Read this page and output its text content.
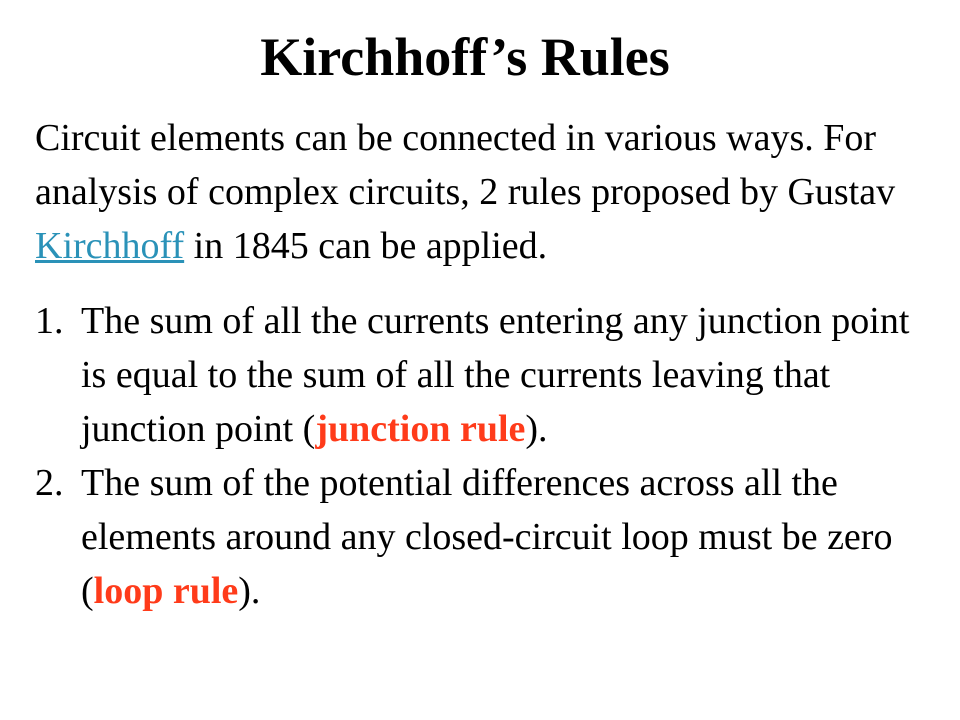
Kirchhoff’s Rules

Circuit elements can be connected in various ways. For analysis of complex circuits, 2 rules proposed by Gustav Kirchhoff in 1845 can be applied.

1. The sum of all the currents entering any junction point is equal to the sum of all the currents leaving that junction point (junction rule).
2. The sum of the potential differences across all the elements around any closed-circuit loop must be zero (loop rule).
